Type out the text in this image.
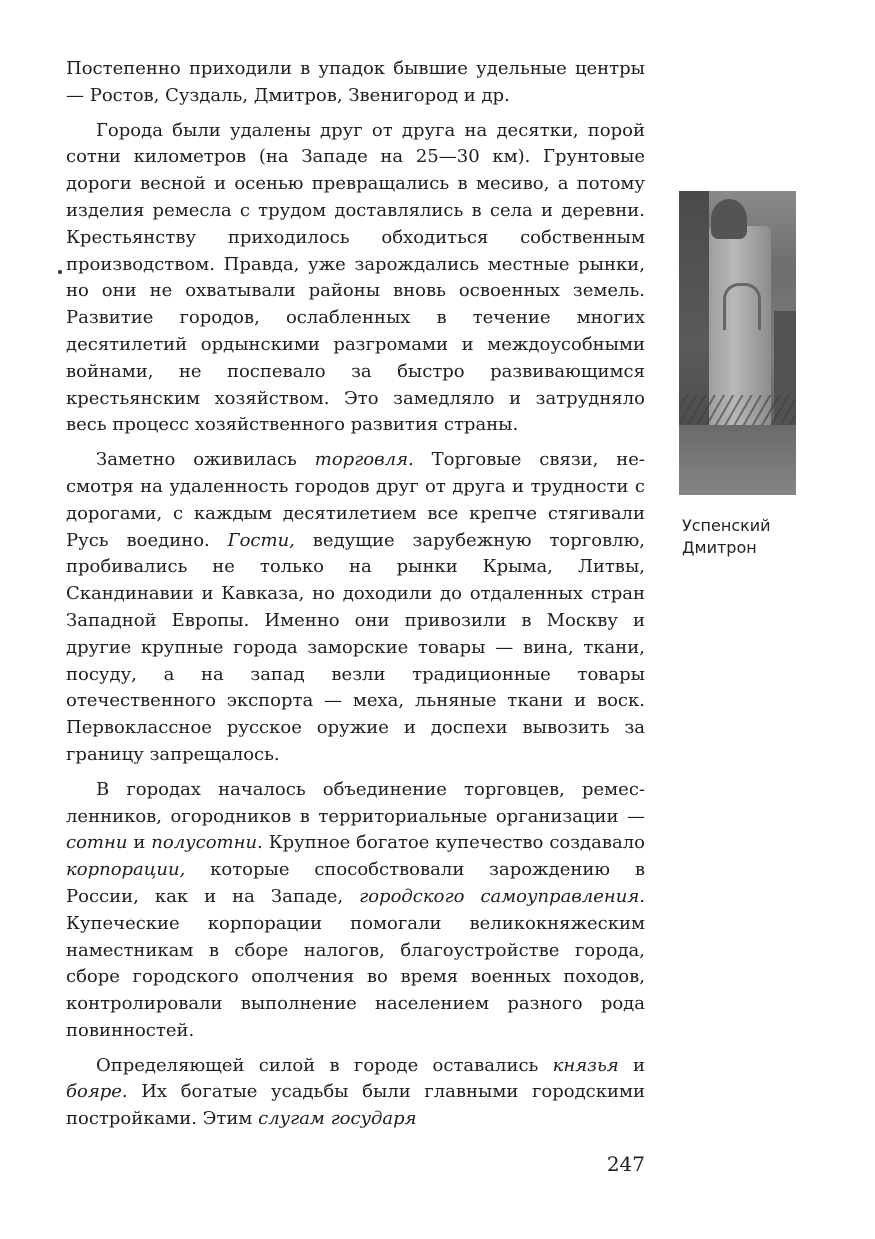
Постепенно приходили в упадок бывшие удельные центры — Ростов, Суздаль, Дмитров, Звенигород и др.

Города были удалены друг от друга на десятки, порой сотни километров (на Западе на 25—30 км). Грунтовые дороги весной и осенью превращались в месиво, а потому изделия ремесла с трудом доставлялись в села и деревни. Крестьянству приходилось обходиться собственным производством. Правда, уже зарождались местные рынки, но они не охватывали районы вновь освоенных земель. Развитие городов, ослабленных в течение многих десятилетий ордынскими разгромами и междоусобными войнами, не поспевало за быстро развивающимся крестьянским хозяйством. Это замедляло и затрудняло весь процесс хозяйственного развития страны.

Заметно оживилась торговля. Торговые связи, несмотря на удаленность городов друг от друга и трудности с дорогами, с каждым десятилетием все крепче стягивали Русь воедино. Гости, ведущие зарубежную торговлю, пробивались не только на рынки Крыма, Литвы, Скандинавии и Кавказа, но доходили до отдаленных стран Западной Европы. Именно они привозили в Москву и другие крупные города заморские товары — вина, ткани, посуду, а на запад везли традиционные товары отечественного экспорта — меха, льняные ткани и воск. Первоклассное русское оружие и доспехи вывозить за границу запрещалось.

В городах началось объединение торговцев, ремесленников, огородников в территориальные организации — сотни и полусотни. Крупное богатое купечество создавало корпорации, которые способствовали зарождению в России, как и на Западе, городского самоуправления. Купеческие корпорации помогали великокняжеским наместникам в сборе налогов, благоустройстве города, сборе городского ополчения во время военных походов, контролировали выполнение населением разного рода повинностей.

Определяющей силой в городе оставались князья и бояре. Их богатые усадьбы были главными городскими постройками. Этим слугам государя

Успенский
Дмитрон
247
